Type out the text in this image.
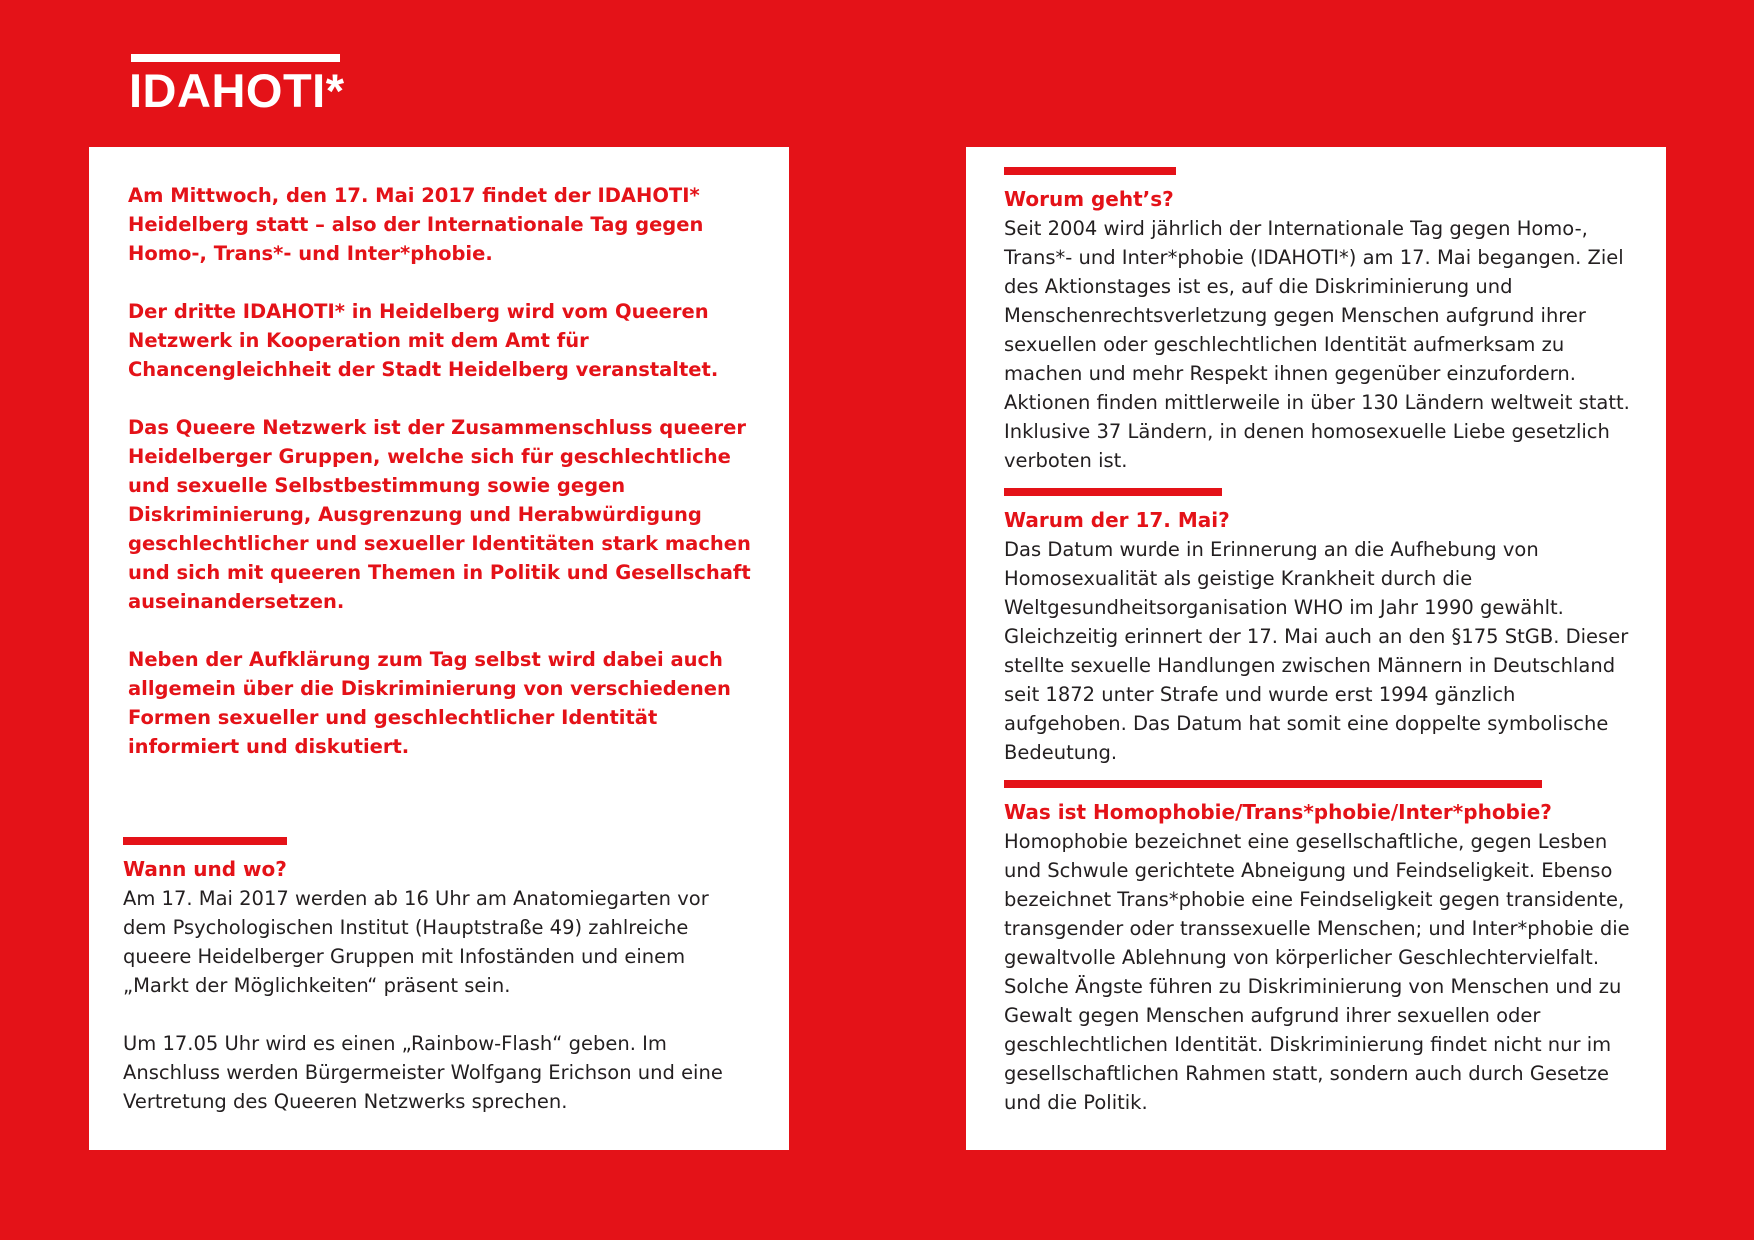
IDAHOTI*

Am Mittwoch, den 17. Mai 2017 findet der IDAHOTI* Heidelberg statt – also der Internationale Tag gegen Homo-, Trans*- und Inter*phobie.

Der dritte IDAHOTI* in Heidelberg wird vom Queeren Netzwerk in Kooperation mit dem Amt für Chancengleichheit der Stadt Heidelberg veranstaltet.

Das Queere Netzwerk ist der Zusammenschluss queerer Heidelberger Gruppen, welche sich für geschlechtliche und sexuelle Selbstbestimmung sowie gegen Diskriminierung, Ausgrenzung und Herabwürdigung geschlechtlicher und sexueller Identitäten stark machen und sich mit queeren Themen in Politik und Gesellschaft auseinandersetzen.

Neben der Aufklärung zum Tag selbst wird dabei auch allgemein über die Diskriminierung von verschiedenen Formen sexueller und geschlechtlicher Identität informiert und diskutiert.

Wann und wo?

Am 17. Mai 2017 werden ab 16 Uhr am Anatomiegarten vor dem Psychologischen Institut (Hauptstraße 49) zahlreiche queere Heidelberger Gruppen mit Infoständen und einem „Markt der Möglichkeiten“ präsent sein.

Um 17.05 Uhr wird es einen „Rainbow-Flash“ geben. Im Anschluss werden Bürgermeister Wolfgang Erichson und eine Vertretung des Queeren Netzwerks sprechen.

Worum geht’s?

Seit 2004 wird jährlich der Internationale Tag gegen Homo-, Trans*- und Inter*phobie (IDAHOTI*) am 17. Mai begangen. Ziel des Aktionstages ist es, auf die Diskriminierung und Menschenrechtsverletzung gegen Menschen aufgrund ihrer sexuellen oder geschlechtlichen Identität aufmerksam zu machen und mehr Respekt ihnen gegenüber einzufordern. Aktionen finden mittlerweile in über 130 Ländern weltweit statt. Inklusive 37 Ländern, in denen homosexuelle Liebe gesetzlich verboten ist.

Warum der 17. Mai?

Das Datum wurde in Erinnerung an die Aufhebung von Homosexualität als geistige Krankheit durch die Weltgesundheitsorganisation WHO im Jahr 1990 gewählt. Gleichzeitig erinnert der 17. Mai auch an den §175 StGB. Dieser stellte sexuelle Handlungen zwischen Männern in Deutschland seit 1872 unter Strafe und wurde erst 1994 gänzlich aufgehoben. Das Datum hat somit eine doppelte symbolische Bedeutung.

Was ist Homophobie/Trans*phobie/Inter*phobie?

Homophobie bezeichnet eine gesellschaftliche, gegen Lesben und Schwule gerichtete Abneigung und Feindseligkeit. Ebenso bezeichnet Trans*phobie eine Feindseligkeit gegen transidente, transgender oder transsexuelle Menschen; und Inter*phobie die gewaltvolle Ablehnung von körperlicher Geschlechtervielfalt. Solche Ängste führen zu Diskriminierung von Menschen und zu Gewalt gegen Menschen aufgrund ihrer sexuellen oder geschlechtlichen Identität. Diskriminierung findet nicht nur im gesellschaftlichen Rahmen statt, sondern auch durch Gesetze und die Politik.
